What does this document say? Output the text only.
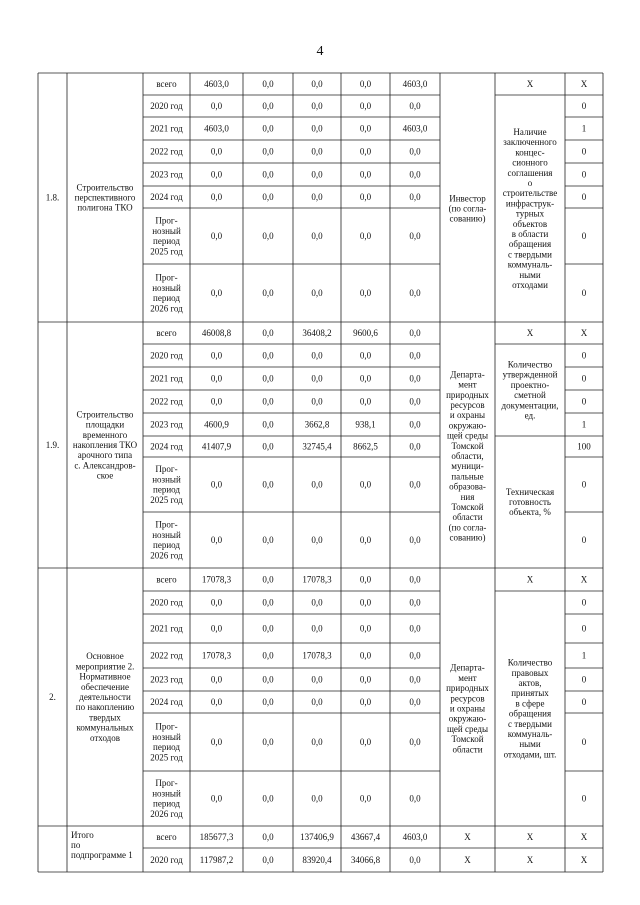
4
1.8.
Строительство перспективного полигона ТКО
Инвестор (по согла-сованию)
всего	4603,0	0,0	0,0	0,0	4603,0	Х
2020 год	0,0	0,0	0,0	0,0	0,0	0
2021 год 4603,0	0,0	0,0	0,0	4603,0	1
2022 год	0,0	0,0	0,0	0,0	0,0	0
2023 год	0,0	0,0	0,0	0,0	0,0	0
2024 год	0,0	0,0	0,0	0,0	0,0	0
Прог-нозный период 2025 год
0,0	0,0	0,0	0,0	0,0	0
Прог-нозный период 2026 год
0,0	0,0	0,0	0,0	0,0	0
Х
Наличие заключенного концес-сионного соглашения о строительстве инфраструк-турных объектов в области обращения с твердыми коммуналь-ными отходами
1.9.
Строительство площадки временного накопления ТКО арочного типа с. Александров-ское
Департа-мент природных ресурсов и охраны окружаю-щей среды Томской области, муници-пальные образова-ния Томской области (по согла-сованию)
всего	46008,8	0,0	36408,2 9600,6	0,0	Х
2020 год	0,0	0,0	0,0	0,0	0,0	0
2021 год	0,0	0,0	0,0	0,0	0,0	0
2022 год	0,0	0,0	0,0	0,0	0,0	0
2023 год 4600,9	0,0	3662,8	938,1	0,0	1
2024 год 41407,9	0,0	32745,4 8662,5	0,0	100
Прог-нозный период 2025 год
0,0	0,0	0,0	0,0	0,0	0
Прог-нозный период 2026 год
0,0	0,0	0,0	0,0	0,0	0
Х
Количество утвержденной проектно-сметной документации, ед.
Техническая готовность объекта, %
2.
Основное мероприятие 2. Нормативное обеспечение деятельности по накоплению твердых коммунальных отходов
Департа-мент природных ресурсов и охраны окружаю-щей среды Томской области
всего	17078,3	0,0	17078,3	0,0	0,0	Х
2020 год	0,0	0,0	0,0	0,0	0,0	0
2021 год	0,0	0,0	0,0	0,0	0,0	0
2022 год 17078,3	0,0	17078,3	0,0	0,0	1
2023 год	0,0	0,0	0,0	0,0	0,0	0
2024 год	0,0	0,0	0,0	0,0	0,0	0
Прог-нозный период 2025 год
0,0	0,0	0,0	0,0	0,0	0
Прог-нозный период 2026 год
0,0	0,0	0,0	0,0	0,0	0
Х
Количество правовых актов, принятых в сфере обращения с твердыми коммуналь-ными отходами, шт.
Итого по подпрограмме 1
всего	185677,3	0,0	137406,9 43667,4	4603,0	Х	Х	Х
2020 год 117987,2	0,0	83920,4 34066,8	0,0	Х	Х	Х
